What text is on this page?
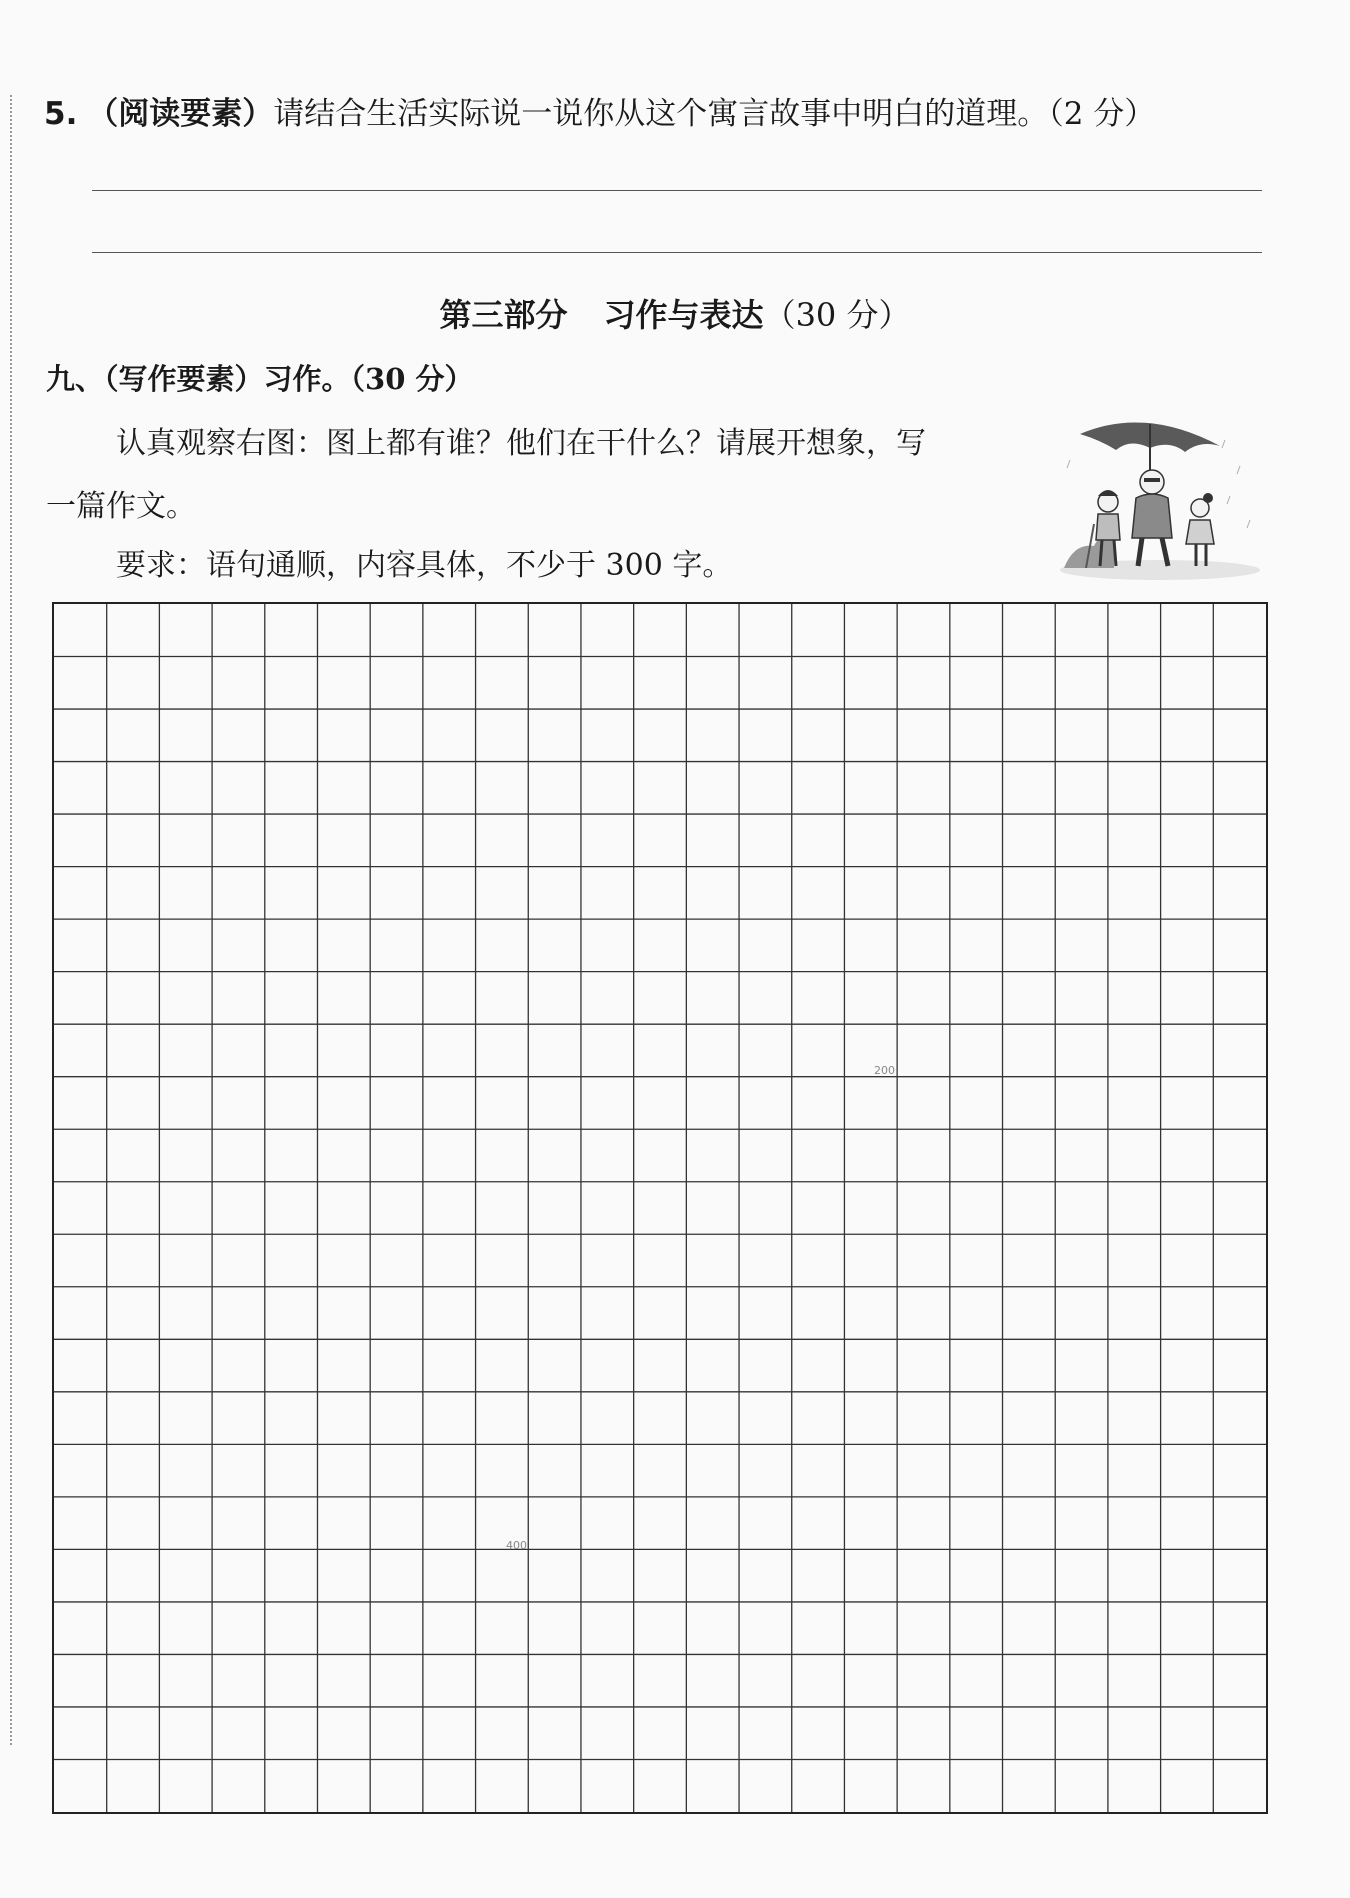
5. （阅读要素）请结合生活实际说一说你从这个寓言故事中明白的道理。（2 分）
第三部分 习作与表达（30 分）
九、（写作要素）习作。（30 分）

认真观察右图：图上都有谁？他们在干什么？请展开想象，写

一篇作文。
要求：语句通顺，内容具体，不少于 300 字。
200
400
